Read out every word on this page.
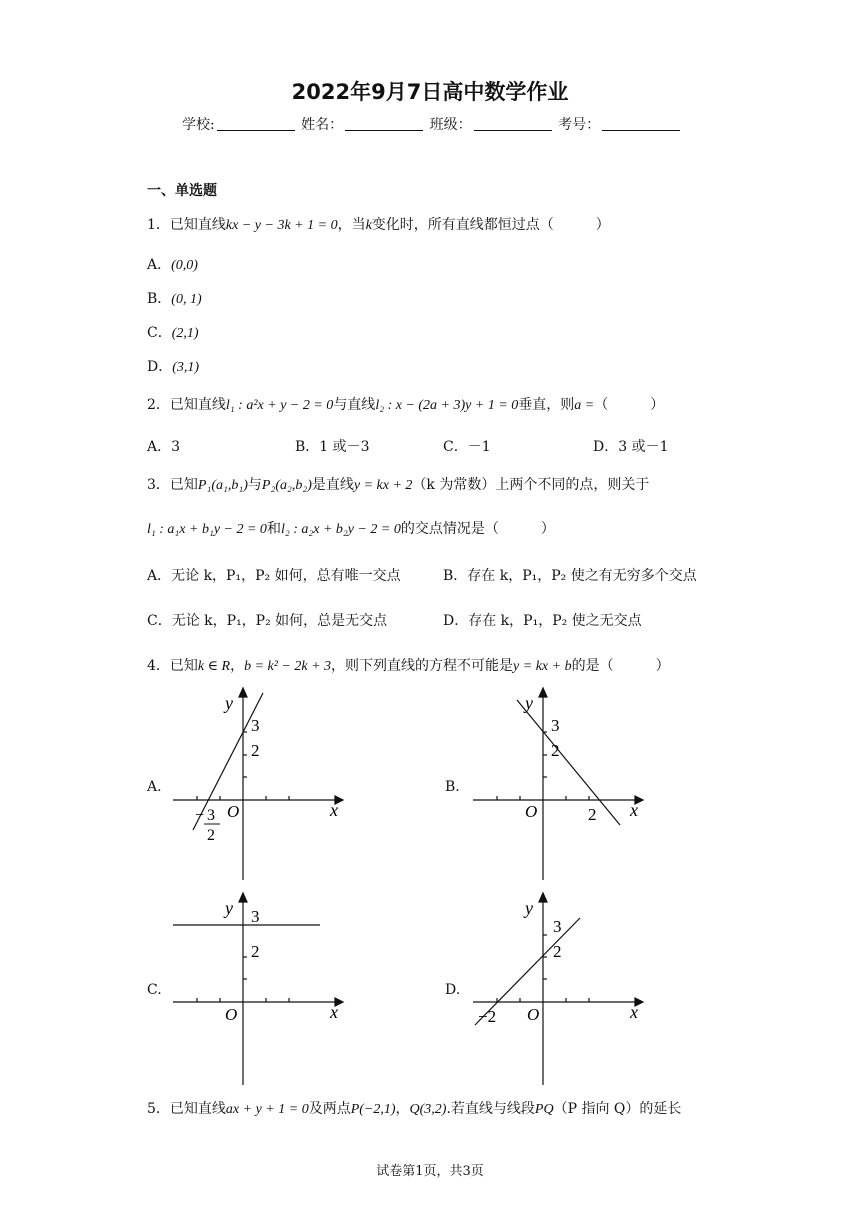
2022年9月7日高中数学作业
学校:	姓名：	班级：	考号：
一、单选题
1．已知直线kx − y − 3k + 1 = 0，当k变化时，所有直线都恒过点（　　　）
A．(0,0)
B．(0, 1)
C．(2,1)
D．(3,1)
2．已知直线l₁ : a²x + y − 2 = 0与直线l₂ : x − (2a + 3)y + 1 = 0垂直，则a =（　　　）
A．3	B．1 或－3	C．－1	D．3 或－1
3．已知P₁(a₁,b₁)与P₂(a₂,b₂)是直线y = kx + 2（k 为常数）上两个不同的点，则关于
l₁ : a₁x + b₁y − 2 = 0和l₂ : a₂x + b₂y − 2 = 0的交点情况是（　　　）
A．无论 k，P₁，P₂ 如何，总有唯一交点	B．存在 k，P₁，P₂ 使之有无穷多个交点
C．无论 k，P₁，P₂ 如何，总是无交点	D．存在 k，P₁，P₂ 使之无交点
4．已知k ∈ R，b = k² − 2k + 3，则下列直线的方程不可能是y = kx + b的是（　　　）
A.	B.
C.	D.
y
x
O
3
2
− 3
2
y
x
O
3
2
2
y
x
O
3
2
y
x
O
3
2
−2
5．已知直线ax + y + 1 = 0及两点P(−2,1)，Q(3,2).若直线与线段PQ（P 指向 Q）的延长
试卷第1页，共3页
